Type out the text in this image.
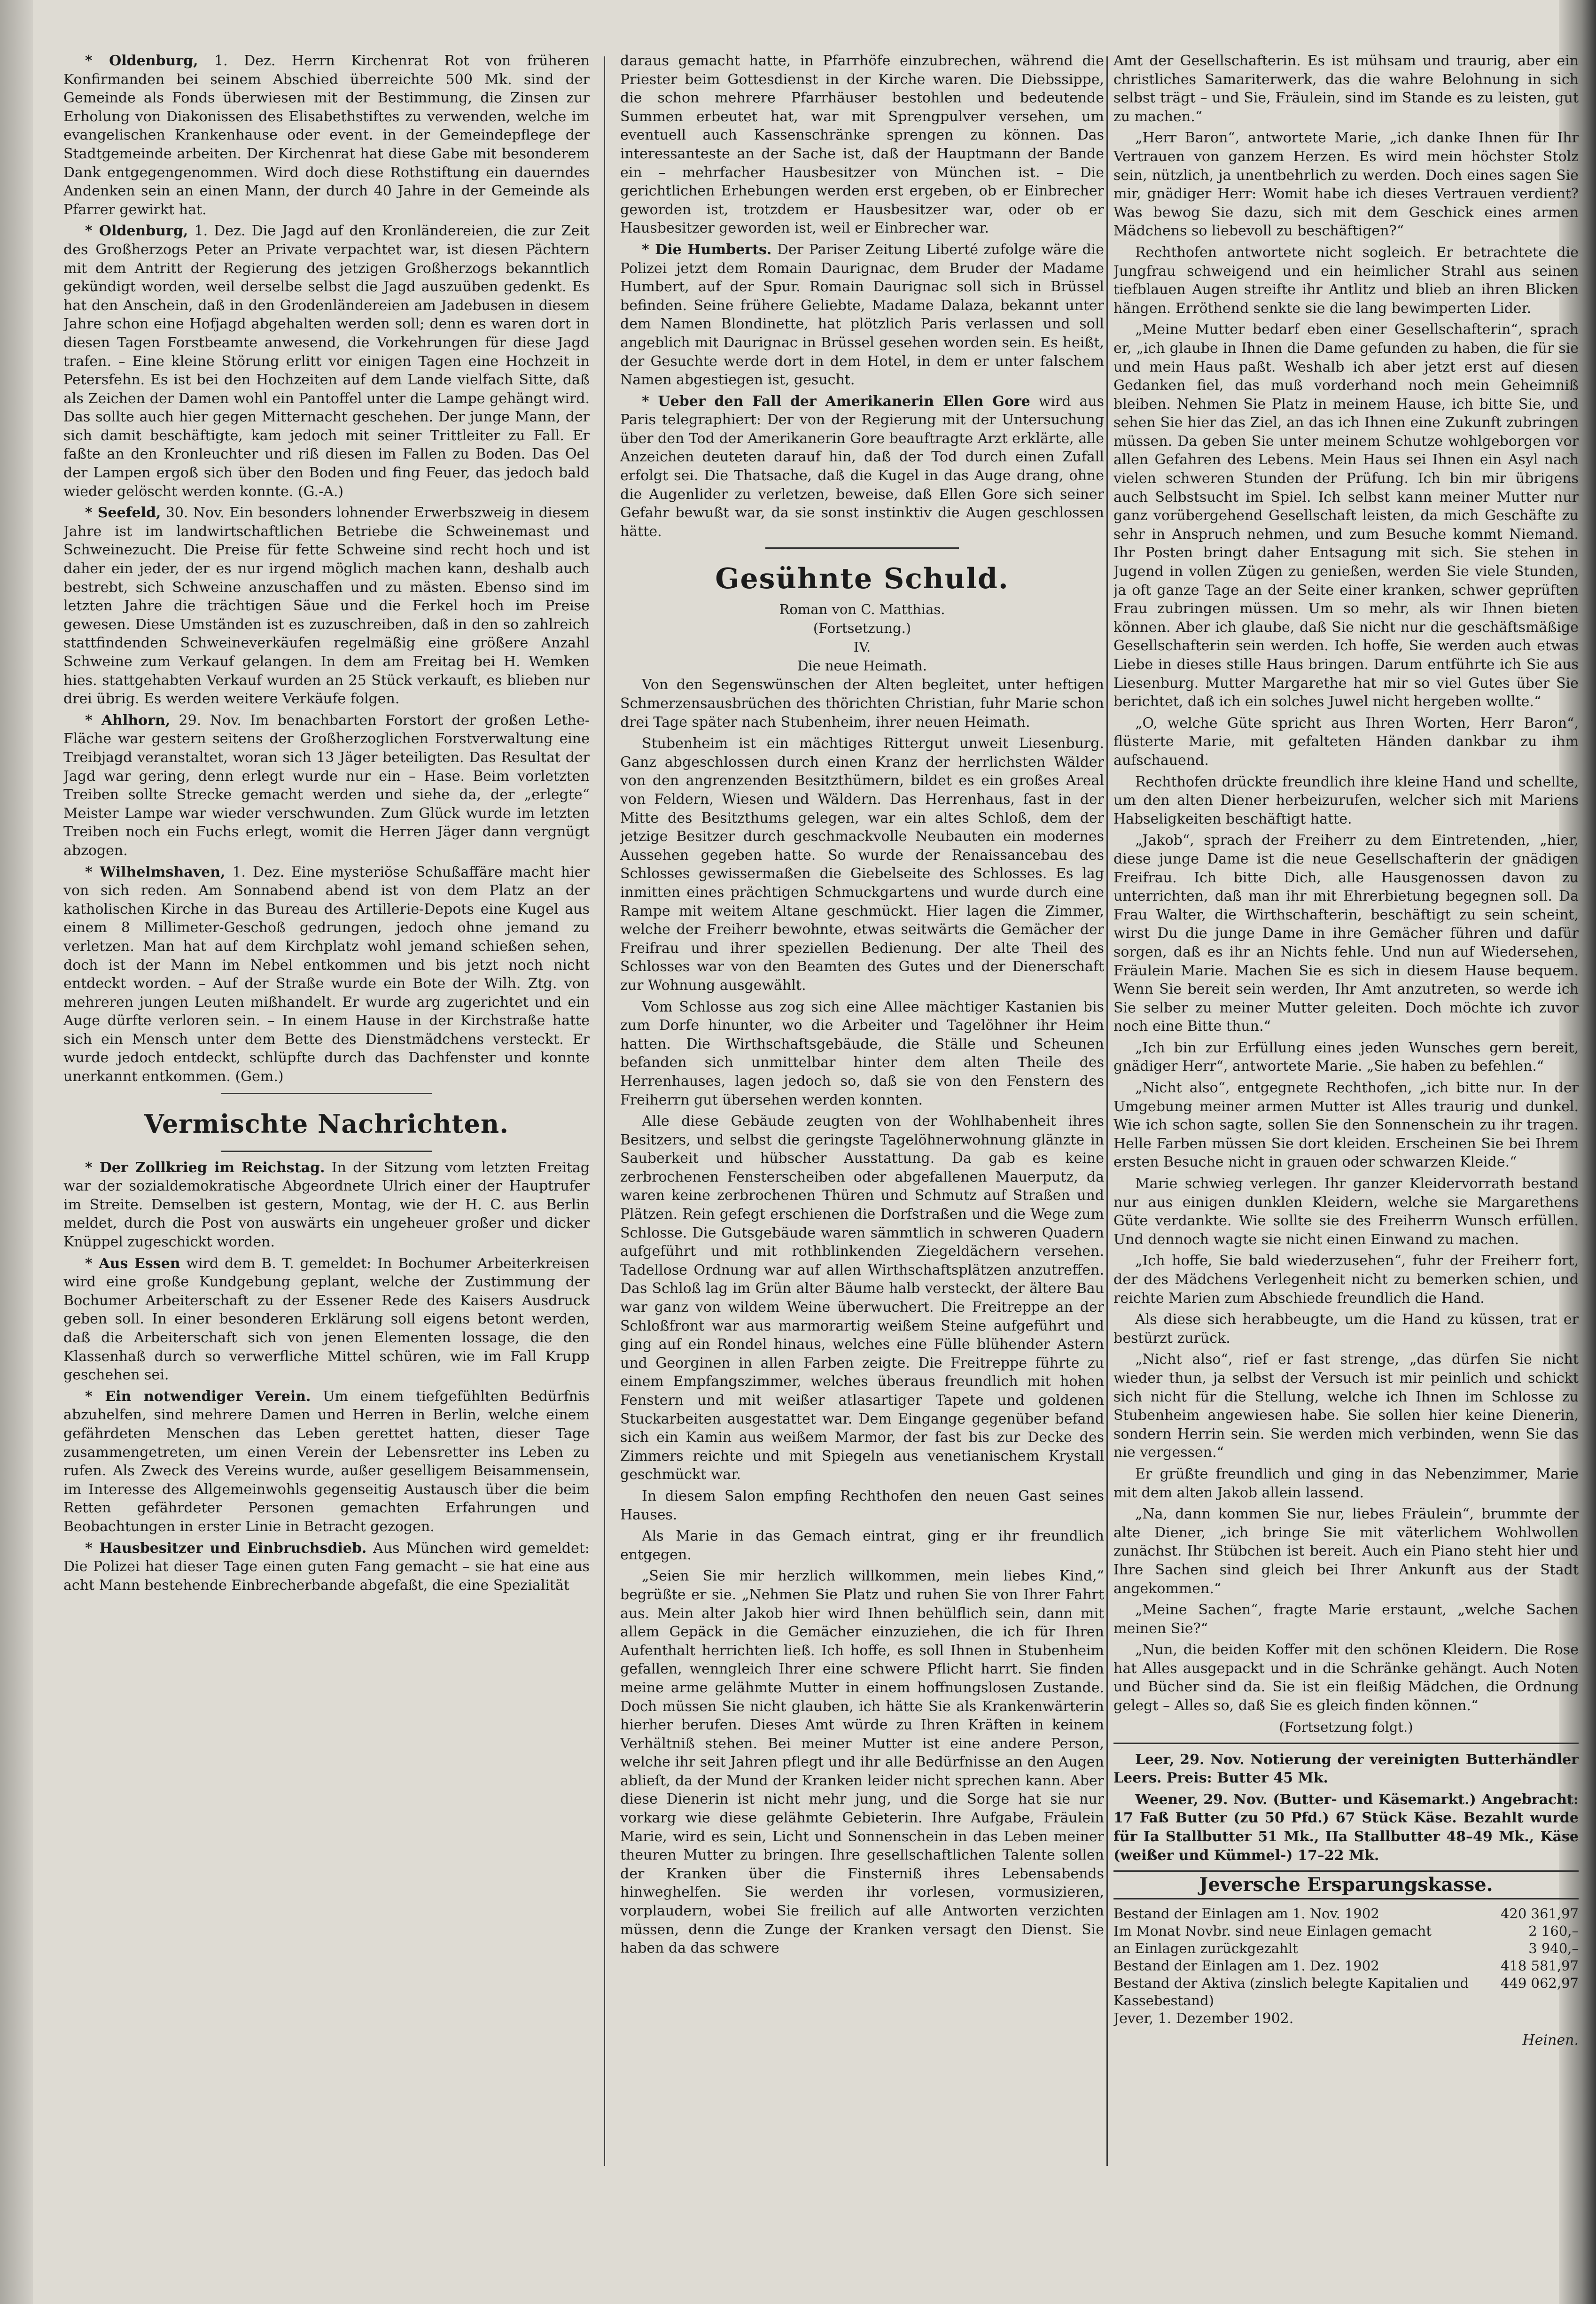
* Oldenburg, 1. Dez. Herrn Kirchenrat Rot von früheren Konfirmanden bei seinem Abschied überreichte 500 Mk. sind der Gemeinde als Fonds überwiesen mit der Bestimmung, die Zinsen zur Erholung von Diakonissen des Elisabethstiftes zu verwenden, welche im evangelischen Krankenhause oder event. in der Gemeindepflege der Stadtgemeinde arbeiten. Der Kirchenrat hat diese Gabe mit besonderem Dank entgegengenommen. Wird doch diese Rothstiftung ein dauerndes Andenken sein an einen Mann, der durch 40 Jahre in der Gemeinde als Pfarrer gewirkt hat.

* Oldenburg, 1. Dez. Die Jagd auf den Kronländereien, die zur Zeit des Großherzogs Peter an Private verpachtet war, ist diesen Pächtern mit dem Antritt der Regierung des jetzigen Großherzogs bekanntlich gekündigt worden, weil derselbe selbst die Jagd auszuüben gedenkt. Es hat den Anschein, daß in den Grodenländereien am Jadebusen in diesem Jahre schon eine Hofjagd abgehalten werden soll; denn es waren dort in diesen Tagen Forstbeamte anwesend, die Vorkehrungen für diese Jagd trafen. – Eine kleine Störung erlitt vor einigen Tagen eine Hochzeit in Petersfehn. Es ist bei den Hochzeiten auf dem Lande vielfach Sitte, daß als Zeichen der Damen wohl ein Pantoffel unter die Lampe gehängt wird. Das sollte auch hier gegen Mitternacht geschehen. Der junge Mann, der sich damit beschäftigte, kam jedoch mit seiner Trittleiter zu Fall. Er faßte an den Kronleuchter und riß diesen im Fallen zu Boden. Das Oel der Lampen ergoß sich über den Boden und fing Feuer, das jedoch bald wieder gelöscht werden konnte. (G.-A.)

* Seefeld, 30. Nov. Ein besonders lohnender Erwerbszweig in diesem Jahre ist im landwirtschaftlichen Betriebe die Schweinemast und Schweinezucht. Die Preise für fette Schweine sind recht hoch und ist daher ein jeder, der es nur irgend möglich machen kann, deshalb auch bestrebt, sich Schweine anzuschaffen und zu mästen. Ebenso sind im letzten Jahre die trächtigen Säue und die Ferkel hoch im Preise gewesen. Diese Umständen ist es zuzuschreiben, daß in den so zahlreich stattfindenden Schweineverkäufen regelmäßig eine größere Anzahl Schweine zum Verkauf gelangen. In dem am Freitag bei H. Wemken hies. stattgehabten Verkauf wurden an 25 Stück verkauft, es blieben nur drei übrig. Es werden weitere Verkäufe folgen.

* Ahlhorn, 29. Nov. Im benachbarten Forstort der großen Lethe-Fläche war gestern seitens der Großherzoglichen Forstverwaltung eine Treibjagd veranstaltet, woran sich 13 Jäger beteiligten. Das Resultat der Jagd war gering, denn erlegt wurde nur ein – Hase. Beim vorletzten Treiben sollte Strecke gemacht werden und siehe da, der „erlegte“ Meister Lampe war wieder verschwunden. Zum Glück wurde im letzten Treiben noch ein Fuchs erlegt, womit die Herren Jäger dann vergnügt abzogen.

* Wilhelmshaven, 1. Dez. Eine mysteriöse Schußaffäre macht hier von sich reden. Am Sonnabend abend ist von dem Platz an der katholischen Kirche in das Bureau des Artillerie-Depots eine Kugel aus einem 8 Millimeter-Geschoß gedrungen, jedoch ohne jemand zu verletzen. Man hat auf dem Kirchplatz wohl jemand schießen sehen, doch ist der Mann im Nebel entkommen und bis jetzt noch nicht entdeckt worden. – Auf der Straße wurde ein Bote der Wilh. Ztg. von mehreren jungen Leuten mißhandelt. Er wurde arg zugerichtet und ein Auge dürfte verloren sein. – In einem Hause in der Kirchstraße hatte sich ein Mensch unter dem Bette des Dienstmädchens versteckt. Er wurde jedoch entdeckt, schlüpfte durch das Dachfenster und konnte unerkannt entkommen. (Gem.)

Vermischte Nachrichten.

* Der Zollkrieg im Reichstag. In der Sitzung vom letzten Freitag war der sozialdemokratische Abgeordnete Ulrich einer der Hauptrufer im Streite. Demselben ist gestern, Montag, wie der H. C. aus Berlin meldet, durch die Post von auswärts ein ungeheuer großer und dicker Knüppel zugeschickt worden.

* Aus Essen wird dem B. T. gemeldet: In Bochumer Arbeiterkreisen wird eine große Kundgebung geplant, welche der Zustimmung der Bochumer Arbeiterschaft zu der Essener Rede des Kaisers Ausdruck geben soll. In einer besonderen Erklärung soll eigens betont werden, daß die Arbeiterschaft sich von jenen Elementen lossage, die den Klassenhaß durch so verwerfliche Mittel schüren, wie im Fall Krupp geschehen sei.

* Ein notwendiger Verein. Um einem tiefgefühlten Bedürfnis abzuhelfen, sind mehrere Damen und Herren in Berlin, welche einem gefährdeten Menschen das Leben gerettet hatten, dieser Tage zusammengetreten, um einen Verein der Lebensretter ins Leben zu rufen. Als Zweck des Vereins wurde, außer geselligem Beisammensein, im Interesse des Allgemeinwohls gegenseitig Austausch über die beim Retten gefährdeter Personen gemachten Erfahrungen und Beobachtungen in erster Linie in Betracht gezogen.

* Hausbesitzer und Einbruchsdieb. Aus München wird gemeldet: Die Polizei hat dieser Tage einen guten Fang gemacht – sie hat eine aus acht Mann bestehende Einbrecherbande abgefaßt, die eine Spezialität

daraus gemacht hatte, in Pfarrhöfe einzubrechen, während die Priester beim Gottesdienst in der Kirche waren. Die Diebssippe, die schon mehrere Pfarrhäuser bestohlen und bedeutende Summen erbeutet hat, war mit Sprengpulver versehen, um eventuell auch Kassenschränke sprengen zu können. Das interessanteste an der Sache ist, daß der Hauptmann der Bande ein – mehrfacher Hausbesitzer von München ist. – Die gerichtlichen Erhebungen werden erst ergeben, ob er Einbrecher geworden ist, trotzdem er Hausbesitzer war, oder ob er Hausbesitzer geworden ist, weil er Einbrecher war.

* Die Humberts. Der Pariser Zeitung Liberté zufolge wäre die Polizei jetzt dem Romain Daurignac, dem Bruder der Madame Humbert, auf der Spur. Romain Daurignac soll sich in Brüssel befinden. Seine frühere Geliebte, Madame Dalaza, bekannt unter dem Namen Blondinette, hat plötzlich Paris verlassen und soll angeblich mit Daurignac in Brüssel gesehen worden sein. Es heißt, der Gesuchte werde dort in dem Hotel, in dem er unter falschem Namen abgestiegen ist, gesucht.

* Ueber den Fall der Amerikanerin Ellen Gore wird aus Paris telegraphiert: Der von der Regierung mit der Untersuchung über den Tod der Amerikanerin Gore beauftragte Arzt erklärte, alle Anzeichen deuteten darauf hin, daß der Tod durch einen Zufall erfolgt sei. Die Thatsache, daß die Kugel in das Auge drang, ohne die Augenlider zu verletzen, beweise, daß Ellen Gore sich seiner Gefahr bewußt war, da sie sonst instinktiv die Augen geschlossen hätte.

Gesühnte Schuld.

Roman von C. Matthias.

(Fortsetzung.)

IV.

Die neue Heimath.

Von den Segenswünschen der Alten begleitet, unter heftigen Schmerzensausbrüchen des thörichten Christian, fuhr Marie schon drei Tage später nach Stubenheim, ihrer neuen Heimath.

Stubenheim ist ein mächtiges Rittergut unweit Liesenburg. Ganz abgeschlossen durch einen Kranz der herrlichsten Wälder von den angrenzenden Besitzthümern, bildet es ein großes Areal von Feldern, Wiesen und Wäldern. Das Herrenhaus, fast in der Mitte des Besitzthums gelegen, war ein altes Schloß, dem der jetzige Besitzer durch geschmackvolle Neubauten ein modernes Aussehen gegeben hatte. So wurde der Renaissancebau des Schlosses gewissermaßen die Giebelseite des Schlosses. Es lag inmitten eines prächtigen Schmuckgartens und wurde durch eine Rampe mit weitem Altane geschmückt. Hier lagen die Zimmer, welche der Freiherr bewohnte, etwas seitwärts die Gemächer der Freifrau und ihrer speziellen Bedienung. Der alte Theil des Schlosses war von den Beamten des Gutes und der Dienerschaft zur Wohnung ausgewählt.

Vom Schlosse aus zog sich eine Allee mächtiger Kastanien bis zum Dorfe hinunter, wo die Arbeiter und Tagelöhner ihr Heim hatten. Die Wirthschaftsgebäude, die Ställe und Scheunen befanden sich unmittelbar hinter dem alten Theile des Herrenhauses, lagen jedoch so, daß sie von den Fenstern des Freiherrn gut übersehen werden konnten.

Alle diese Gebäude zeugten von der Wohlhabenheit ihres Besitzers, und selbst die geringste Tagelöhnerwohnung glänzte in Sauberkeit und hübscher Ausstattung. Da gab es keine zerbrochenen Fensterscheiben oder abgefallenen Mauerputz, da waren keine zerbrochenen Thüren und Schmutz auf Straßen und Plätzen. Rein gefegt erschienen die Dorfstraßen und die Wege zum Schlosse. Die Gutsgebäude waren sämmtlich in schweren Quadern aufgeführt und mit rothblinkenden Ziegeldächern versehen. Tadellose Ordnung war auf allen Wirthschaftsplätzen anzutreffen. Das Schloß lag im Grün alter Bäume halb versteckt, der ältere Bau war ganz von wildem Weine überwuchert. Die Freitreppe an der Schloßfront war aus marmorartig weißem Steine aufgeführt und ging auf ein Rondel hinaus, welches eine Fülle blühender Astern und Georginen in allen Farben zeigte. Die Freitreppe führte zu einem Empfangszimmer, welches überaus freundlich mit hohen Fenstern und mit weißer atlasartiger Tapete und goldenen Stuckarbeiten ausgestattet war. Dem Eingange gegenüber befand sich ein Kamin aus weißem Marmor, der fast bis zur Decke des Zimmers reichte und mit Spiegeln aus venetianischem Krystall geschmückt war.

In diesem Salon empfing Rechthofen den neuen Gast seines Hauses.

Als Marie in das Gemach eintrat, ging er ihr freundlich entgegen.

„Seien Sie mir herzlich willkommen, mein liebes Kind,“ begrüßte er sie. „Nehmen Sie Platz und ruhen Sie von Ihrer Fahrt aus. Mein alter Jakob hier wird Ihnen behülflich sein, dann mit allem Gepäck in die Gemächer einzuziehen, die ich für Ihren Aufenthalt herrichten ließ. Ich hoffe, es soll Ihnen in Stubenheim gefallen, wenngleich Ihrer eine schwere Pflicht harrt. Sie finden meine arme gelähmte Mutter in einem hoffnungslosen Zustande. Doch müssen Sie nicht glauben, ich hätte Sie als Krankenwärterin hierher berufen. Dieses Amt würde zu Ihren Kräften in keinem Verhältniß stehen. Bei meiner Mutter ist eine andere Person, welche ihr seit Jahren pflegt und ihr alle Bedürfnisse an den Augen ablieſt, da der Mund der Kranken leider nicht sprechen kann. Aber diese Dienerin ist nicht mehr jung, und die Sorge hat sie nur vorkarg wie diese gelähmte Gebieterin. Ihre Aufgabe, Fräulein Marie, wird es sein, Licht und Sonnenschein in das Leben meiner theuren Mutter zu bringen. Ihre gesellschaftlichen Talente sollen der Kranken über die Finsterniß ihres Lebensabends hinweghelfen. Sie werden ihr vorlesen, vormusizieren, vorplaudern, wobei Sie freilich auf alle Antworten verzichten müssen, denn die Zunge der Kranken versagt den Dienst. Sie haben da das schwere

Amt der Gesellschafterin. Es ist mühsam und traurig, aber ein christliches Samariterwerk, das die wahre Belohnung in sich selbst trägt – und Sie, Fräulein, sind im Stande es zu leisten, gut zu machen.“

„Herr Baron“, antwortete Marie, „ich danke Ihnen für Ihr Vertrauen von ganzem Herzen. Es wird mein höchster Stolz sein, nützlich, ja unentbehrlich zu werden. Doch eines sagen Sie mir, gnädiger Herr: Womit habe ich dieses Vertrauen verdient? Was bewog Sie dazu, sich mit dem Geschick eines armen Mädchens so liebevoll zu beschäftigen?“

Rechthofen antwortete nicht sogleich. Er betrachtete die Jungfrau schweigend und ein heimlicher Strahl aus seinen tiefblauen Augen streifte ihr Antlitz und blieb an ihren Blicken hängen. Erröthend senkte sie die lang bewimperten Lider.

„Meine Mutter bedarf eben einer Gesellschafterin“, sprach er, „ich glaube in Ihnen die Dame gefunden zu haben, die für sie und mein Haus paßt. Weshalb ich aber jetzt erst auf diesen Gedanken fiel, das muß vorderhand noch mein Geheimniß bleiben. Nehmen Sie Platz in meinem Hause, ich bitte Sie, und sehen Sie hier das Ziel, an das ich Ihnen eine Zukunft zubringen müssen. Da geben Sie unter meinem Schutze wohlgeborgen vor allen Gefahren des Lebens. Mein Haus sei Ihnen ein Asyl nach vielen schweren Stunden der Prüfung. Ich bin mir übrigens auch Selbstsucht im Spiel. Ich selbst kann meiner Mutter nur ganz vorübergehend Gesellschaft leisten, da mich Geschäfte zu sehr in Anspruch nehmen, und zum Besuche kommt Niemand. Ihr Posten bringt daher Entsagung mit sich. Sie stehen in Jugend in vollen Zügen zu genießen, werden Sie viele Stunden, ja oft ganze Tage an der Seite einer kranken, schwer geprüften Frau zubringen müssen. Um so mehr, als wir Ihnen bieten können. Aber ich glaube, daß Sie nicht nur die geschäftsmäßige Gesellschafterin sein werden. Ich hoffe, Sie werden auch etwas Liebe in dieses stille Haus bringen. Darum entführte ich Sie aus Liesenburg. Mutter Margarethe hat mir so viel Gutes über Sie berichtet, daß ich ein solches Juwel nicht hergeben wollte.“

„O, welche Güte spricht aus Ihren Worten, Herr Baron“, flüsterte Marie, mit gefalteten Händen dankbar zu ihm aufschauend.

Rechthofen drückte freundlich ihre kleine Hand und schellte, um den alten Diener herbeizurufen, welcher sich mit Mariens Habseligkeiten beschäftigt hatte.

„Jakob“, sprach der Freiherr zu dem Eintretenden, „hier, diese junge Dame ist die neue Gesellschafterin der gnädigen Freifrau. Ich bitte Dich, alle Hausgenossen davon zu unterrichten, daß man ihr mit Ehrerbietung begegnen soll. Da Frau Walter, die Wirthschafterin, beschäftigt zu sein scheint, wirst Du die junge Dame in ihre Gemächer führen und dafür sorgen, daß es ihr an Nichts fehle. Und nun auf Wiedersehen, Fräulein Marie. Machen Sie es sich in diesem Hause bequem. Wenn Sie bereit sein werden, Ihr Amt anzutreten, so werde ich Sie selber zu meiner Mutter geleiten. Doch möchte ich zuvor noch eine Bitte thun.“

„Ich bin zur Erfüllung eines jeden Wunsches gern bereit, gnädiger Herr“, antwortete Marie. „Sie haben zu befehlen.“

„Nicht also“, entgegnete Rechthofen, „ich bitte nur. In der Umgebung meiner armen Mutter ist Alles traurig und dunkel. Wie ich schon sagte, sollen Sie den Sonnenschein zu ihr tragen. Helle Farben müssen Sie dort kleiden. Erscheinen Sie bei Ihrem ersten Besuche nicht in grauen oder schwarzen Kleide.“

Marie schwieg verlegen. Ihr ganzer Kleidervorrath bestand nur aus einigen dunklen Kleidern, welche sie Margarethens Güte verdankte. Wie sollte sie des Freiherrn Wunsch erfüllen. Und dennoch wagte sie nicht einen Einwand zu machen.

„Ich hoffe, Sie bald wiederzusehen“, fuhr der Freiherr fort, der des Mädchens Verlegenheit nicht zu bemerken schien, und reichte Marien zum Abschiede freundlich die Hand.

Als diese sich herabbeugte, um die Hand zu küssen, trat er bestürzt zurück.

„Nicht also“, rief er fast strenge, „das dürfen Sie nicht wieder thun, ja selbst der Versuch ist mir peinlich und schickt sich nicht für die Stellung, welche ich Ihnen im Schlosse zu Stubenheim angewiesen habe. Sie sollen hier keine Dienerin, sondern Herrin sein. Sie werden mich verbinden, wenn Sie das nie vergessen.“

Er grüßte freundlich und ging in das Nebenzimmer, Marie mit dem alten Jakob allein lassend.

„Na, dann kommen Sie nur, liebes Fräulein“, brummte der alte Diener, „ich bringe Sie mit väterlichem Wohlwollen zunächst. Ihr Stübchen ist bereit. Auch ein Piano steht hier und Ihre Sachen sind gleich bei Ihrer Ankunft aus der Stadt angekommen.“

„Meine Sachen“, fragte Marie erstaunt, „welche Sachen meinen Sie?“

„Nun, die beiden Koffer mit den schönen Kleidern. Die Rose hat Alles ausgepackt und in die Schränke gehängt. Auch Noten und Bücher sind da. Sie ist ein fleißig Mädchen, die Ordnung gelegt – Alles so, daß Sie es gleich finden können.“

(Fortsetzung folgt.)

Leer, 29. Nov. Notierung der vereinigten Butterhändler Leers. Preis: Butter 45 Mk.

Weener, 29. Nov. (Butter- und Käsemarkt.) Angebracht: 17 Faß Butter (zu 50 Pfd.) 67 Stück Käse. Bezahlt wurde für Ia Stallbutter 51 Mk., IIa Stallbutter 48–49 Mk., Käse (weißer und Kümmel-) 17–22 Mk.

Jeversche Ersparungskasse.
Bestand der Einlagen am 1. Nov. 1902	420 361,97
Im Monat Novbr. sind neue Einlagen gemacht	2 160,–
an Einlagen zurückgezahlt	3 940,–
Bestand der Einlagen am 1. Dez. 1902	418 581,97
Bestand der Aktiva (zinslich belegte Kapitalien und Kassebestand)	449 062,97

Jever, 1. Dezember 1902.

Heinen.
